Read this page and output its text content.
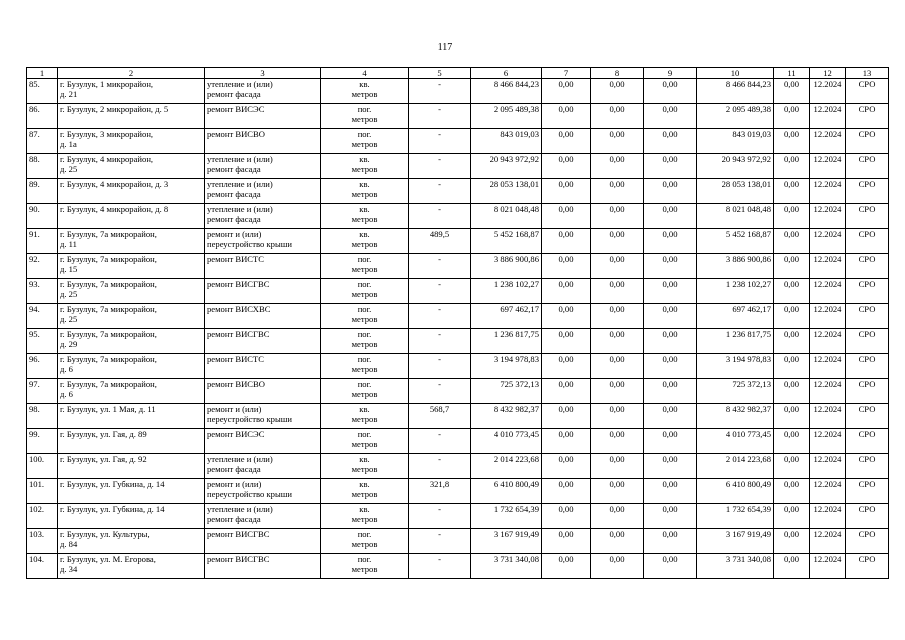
117
1	2	3	4	5	6	7	8	9	10	11	12	13
85.	г. Бузулук, 1 микрорайон,
д. 21	утепление и (или)
ремонт фасада	кв.
метров	-	8 466 844,23	0,00	0,00	0,00	8 466 844,23	0,00	12.2024	СРО
86.	г. Бузулук, 2 микрорайон, д. 5	ремонт ВИСЭС	пог.
метров	-	2 095 489,38	0,00	0,00	0,00	2 095 489,38	0,00	12.2024	СРО
87.	г. Бузулук, 3 микрорайон,
д. 1а	ремонт ВИСВО	пог.
метров	-	843 019,03	0,00	0,00	0,00	843 019,03	0,00	12.2024	СРО
88.	г. Бузулук, 4 микрорайон,
д. 25	утепление и (или)
ремонт фасада	кв.
метров	-	20 943 972,92	0,00	0,00	0,00	20 943 972,92	0,00	12.2024	СРО
89.	г. Бузулук, 4 микрорайон, д. 3	утепление и (или)
ремонт фасада	кв.
метров	-	28 053 138,01	0,00	0,00	0,00	28 053 138,01	0,00	12.2024	СРО
90.	г. Бузулук, 4 микрорайон, д. 8	утепление и (или)
ремонт фасада	кв.
метров	-	8 021 048,48	0,00	0,00	0,00	8 021 048,48	0,00	12.2024	СРО
91.	г. Бузулук, 7а микрорайон,
д. 11	ремонт и (или)
переустройство крыши	кв.
метров	489,5	5 452 168,87	0,00	0,00	0,00	5 452 168,87	0,00	12.2024	СРО
92.	г. Бузулук, 7а микрорайон,
д. 15	ремонт ВИСТС	пог.
метров	-	3 886 900,86	0,00	0,00	0,00	3 886 900,86	0,00	12.2024	СРО
93.	г. Бузулук, 7а микрорайон,
д. 25	ремонт ВИСГВС	пог.
метров	-	1 238 102,27	0,00	0,00	0,00	1 238 102,27	0,00	12.2024	СРО
94.	г. Бузулук, 7а микрорайон,
д. 25	ремонт ВИСХВС	пог.
метров	-	697 462,17	0,00	0,00	0,00	697 462,17	0,00	12.2024	СРО
95.	г. Бузулук, 7а микрорайон,
д. 29	ремонт ВИСГВС	пог.
метров	-	1 236 817,75	0,00	0,00	0,00	1 236 817,75	0,00	12.2024	СРО
96.	г. Бузулук, 7а микрорайон,
д. 6	ремонт ВИСТС	пог.
метров	-	3 194 978,83	0,00	0,00	0,00	3 194 978,83	0,00	12.2024	СРО
97.	г. Бузулук, 7а микрорайон,
д. 6	ремонт ВИСВО	пог.
метров	-	725 372,13	0,00	0,00	0,00	725 372,13	0,00	12.2024	СРО
98.	г. Бузулук, ул. 1 Мая, д. 11	ремонт и (или)
переустройство крыши	кв.
метров	568,7	8 432 982,37	0,00	0,00	0,00	8 432 982,37	0,00	12.2024	СРО
99.	г. Бузулук, ул. Гая, д. 89	ремонт ВИСЭС	пог.
метров	-	4 010 773,45	0,00	0,00	0,00	4 010 773,45	0,00	12.2024	СРО
100.	г. Бузулук, ул. Гая, д. 92	утепление и (или)
ремонт фасада	кв.
метров	-	2 014 223,68	0,00	0,00	0,00	2 014 223,68	0,00	12.2024	СРО
101.	г. Бузулук, ул. Губкина, д. 14	ремонт и (или)
переустройство крыши	кв.
метров	321,8	6 410 800,49	0,00	0,00	0,00	6 410 800,49	0,00	12.2024	СРО
102.	г. Бузулук, ул. Губкина, д. 14	утепление и (или)
ремонт фасада	кв.
метров	-	1 732 654,39	0,00	0,00	0,00	1 732 654,39	0,00	12.2024	СРО
103.	г. Бузулук, ул. Культуры,
д. 84	ремонт ВИСГВС	пог.
метров	-	3 167 919,49	0,00	0,00	0,00	3 167 919,49	0,00	12.2024	СРО
104.	г. Бузулук, ул. М. Егорова,
д. 34	ремонт ВИСГВС	пог.
метров	-	3 731 340,08	0,00	0,00	0,00	3 731 340,08	0,00	12.2024	СРО
